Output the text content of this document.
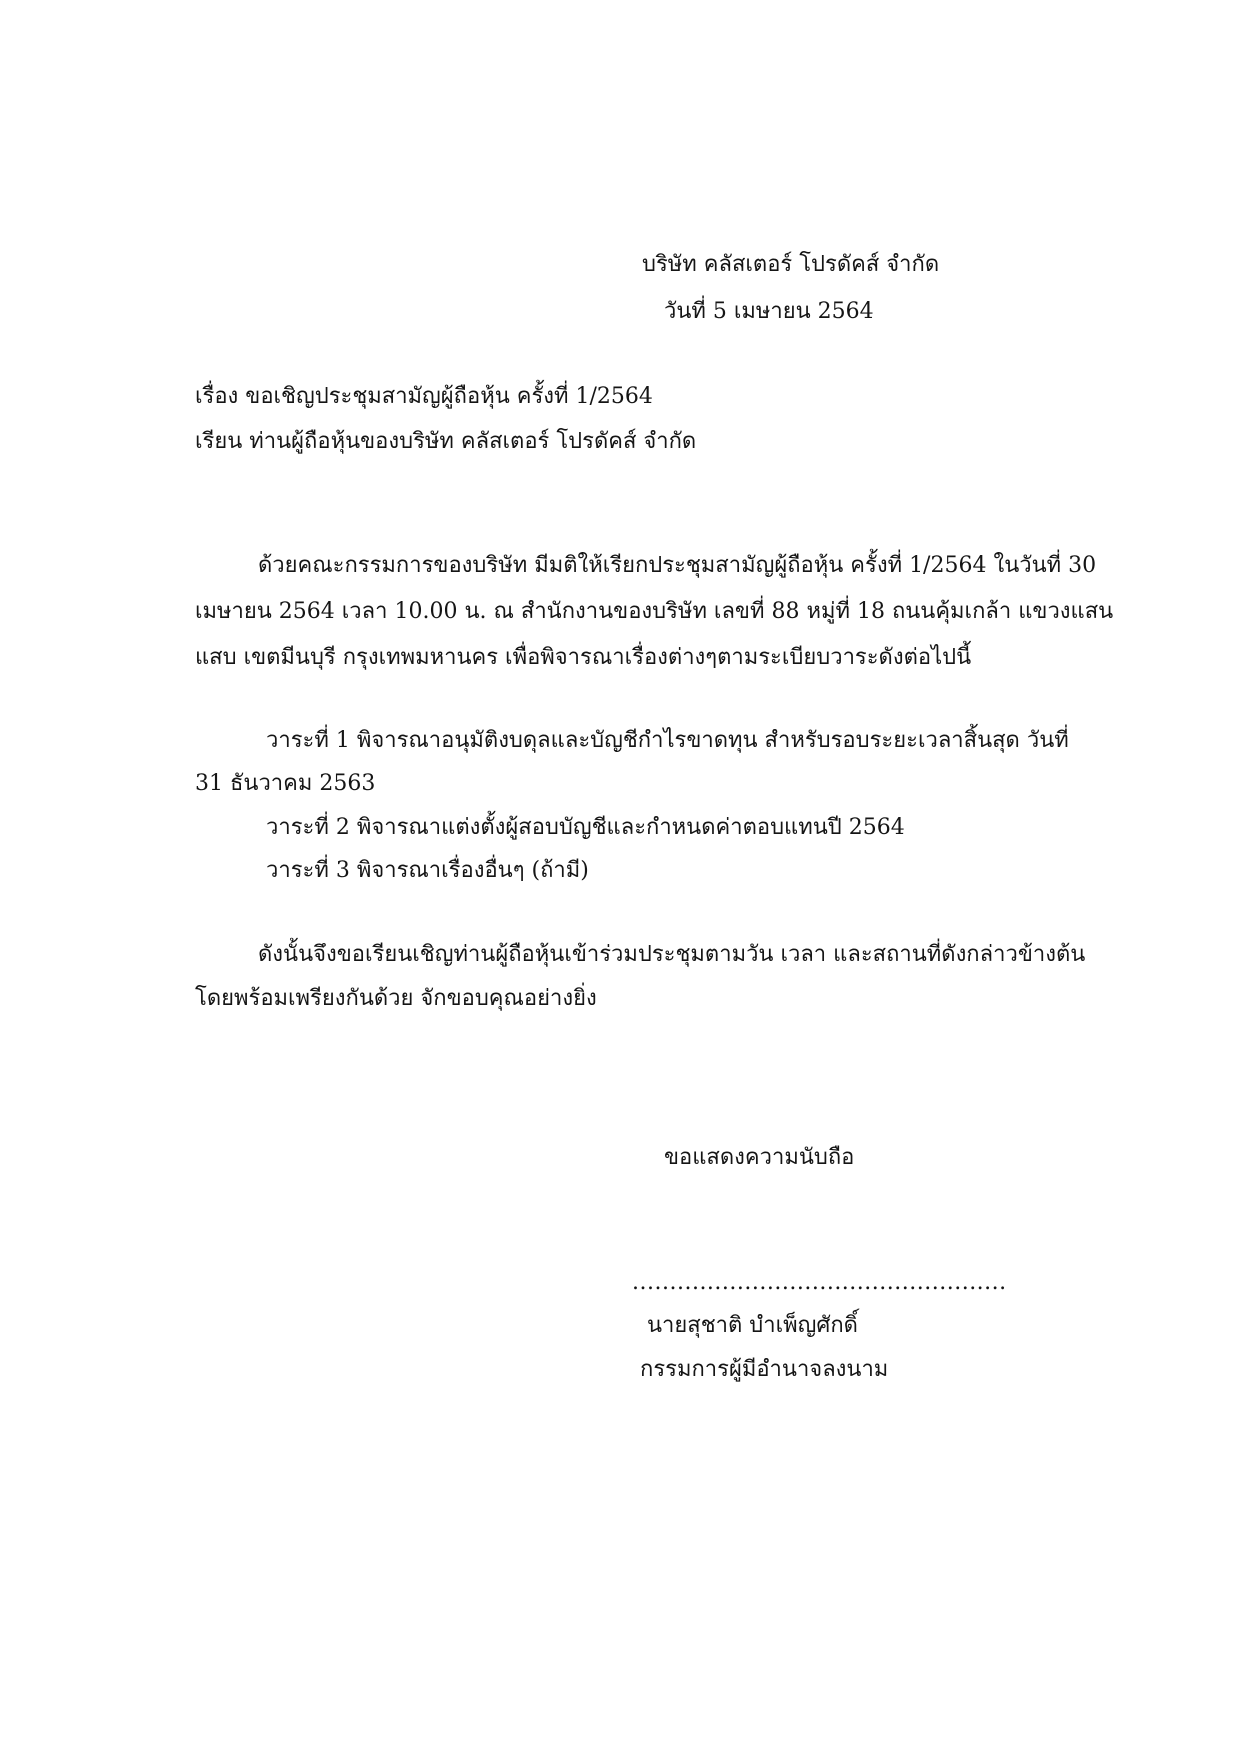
บริษัท คลัสเตอร์ โปรดัคส์ จำกัด
วันที่ 5 เมษายน 2564
เรื่อง ขอเชิญประชุมสามัญผู้ถือหุ้น ครั้งที่ 1/2564
เรียน ท่านผู้ถือหุ้นของบริษัท คลัสเตอร์ โปรดัคส์ จำกัด
ด้วยคณะกรรมการของบริษัท มีมติให้เรียกประชุมสามัญผู้ถือหุ้น ครั้งที่ 1/2564 ในวันที่ 30
เมษายน 2564 เวลา 10.00 น. ณ สำนักงานของบริษัท เลขที่ 88 หมู่ที่ 18 ถนนคุ้มเกล้า แขวงแสน
แสบ เขตมีนบุรี กรุงเทพมหานคร เพื่อพิจารณาเรื่องต่างๆตามระเบียบวาระดังต่อไปนี้
วาระที่ 1 พิจารณาอนุมัติงบดุลและบัญชีกำไรขาดทุน สำหรับรอบระยะเวลาสิ้นสุด วันที่
31 ธันวาคม 2563
วาระที่ 2 พิจารณาแต่งตั้งผู้สอบบัญชีและกำหนดค่าตอบแทนปี 2564
วาระที่ 3 พิจารณาเรื่องอื่นๆ (ถ้ามี)
ดังนั้นจึงขอเรียนเชิญท่านผู้ถือหุ้นเข้าร่วมประชุมตามวัน เวลา และสถานที่ดังกล่าวข้างต้น
โดยพร้อมเพรียงกันด้วย จักขอบคุณอย่างยิ่ง
ขอแสดงความนับถือ
..................................................
นายสุชาติ บำเพ็ญศักดิ์
กรรมการผู้มีอำนาจลงนาม
